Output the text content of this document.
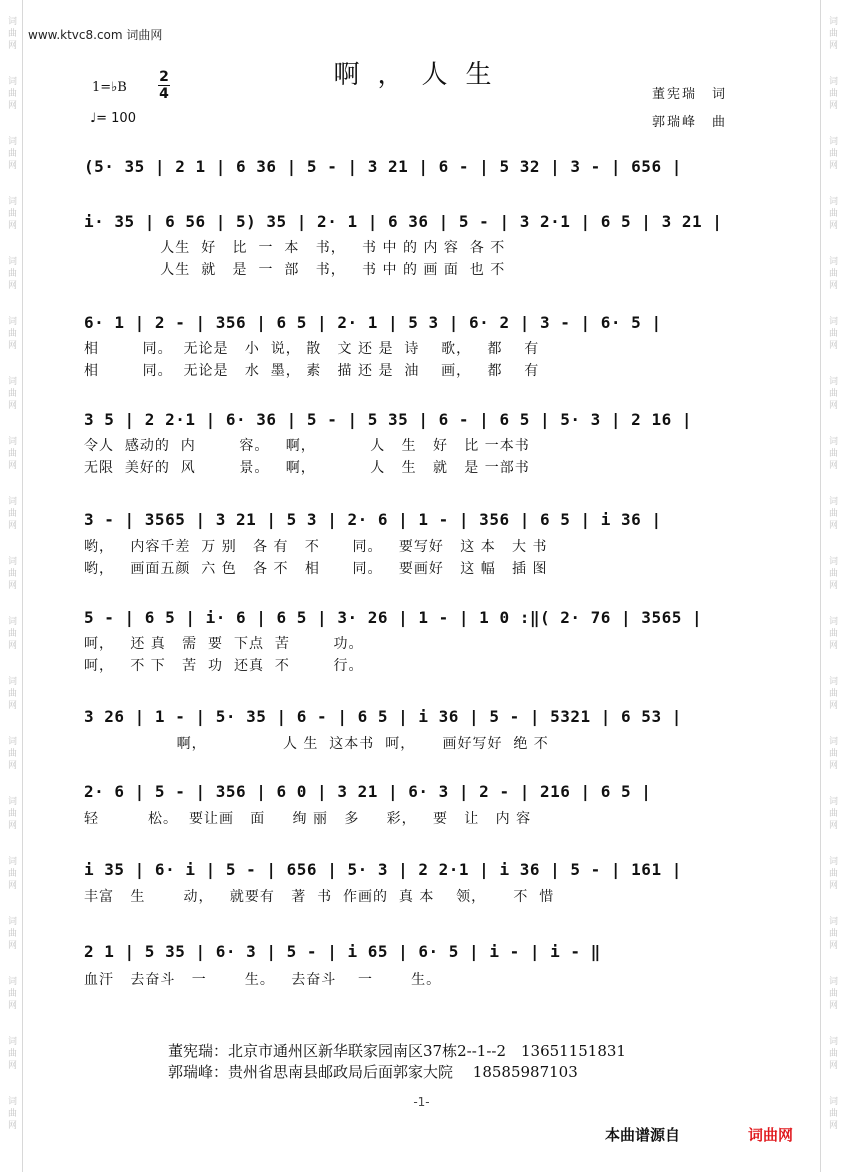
词曲网
词曲网
词曲网
词曲网
词曲网
词曲网
词曲网
词曲网
词曲网
词曲网
词曲网
词曲网
词曲网
词曲网
词曲网
词曲网
词曲网
词曲网
词曲网
词曲网
词曲网
词曲网
词曲网
词曲网
词曲网
词曲网
词曲网
词曲网
词曲网
词曲网
词曲网
词曲网
词曲网
词曲网
词曲网
词曲网
词曲网
词曲网
www.ktvc8.com 词曲网
啊，人生
1=♭B
2
4
♩= 100
董宪瑞　词
郭瑞峰　曲
(5· 35 | 2 1 | 6 36 | 5 - | 3 21 | 6 - | 5 32 | 3 - | 656 |
i· 35 | 6 56 | 5) 35 | 2· 1 | 6 36 | 5 - | 3 2·1 | 6 5 | 3 21 |
人生  好   比  一  本   书，   书 中 的 内 容  各 不
人生  就   是  一  部   书，   书 中 的 画 面  也 不
6· 1 | 2 - | 356 | 6 5 | 2· 1 | 5 3 | 6· 2 | 3 - | 6· 5 |
相        同。  无论是   小  说， 散   文 还 是  诗    歌，   都    有
相        同。  无论是   水  墨， 素   描 还 是  油    画，   都    有
3 5 | 2 2·1 | 6· 36 | 5 - | 5 35 | 6 - | 6 5 | 5· 3 | 2 16 |
令人  感动的  内        容。   啊，          人   生   好   比 一本书
无限  美好的  风        景。   啊，          人   生   就   是 一部书
3 - | 3565 | 3 21 | 5 3 | 2· 6 | 1 - | 356 | 6 5 | i 36 |
哟，   内容千差  万 别   各 有   不      同。   要写好   这 本   大 书
哟，   画面五颜  六 色   各 不   相      同。   要画好   这 幅   插 图
5 - | 6 5 | i· 6 | 6 5 | 3· 26 | 1 - | 1 0 :‖( 2· 76 | 3565 |
呵，   还 真   需  要  下点  苦        功。
呵，   不 下   苦  功  还真  不        行。
3 26 | 1 - | 5· 35 | 6 - | 6 5 | i 36 | 5 - | 5321 | 6 53 |
啊，              人 生  这本书  呵，     画好写好  绝 不
2· 6 | 5 - | 356 | 6 0 | 3 21 | 6· 3 | 2 - | 216 | 6 5 |
轻         松。  要让画   面     绚 丽   多     彩，   要   让   内 容
i 35 | 6· i | 5 - | 656 | 5· 3 | 2 2·1 | i 36 | 5 - | 161 |
丰富   生       动，   就要有   著  书  作画的  真 本    领，     不  惜
2 1 | 5 35 | 6· 3 | 5 - | i 65 | 6· 5 | i - | i - ‖
血汗   去奋斗   一       生。   去奋斗    一       生。
董宪瑞：北京市通州区新华联家园南区37栋2--1--2　13651151831
郭瑞峰：贵州省思南县邮政局后面郭家大院　 18585987103
-1-
本曲谱源自	词曲网
